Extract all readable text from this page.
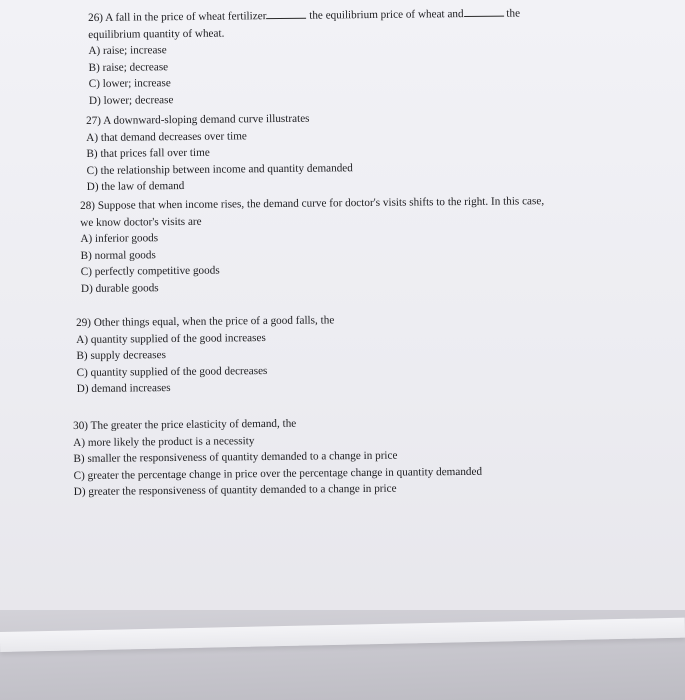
26) A fall in the price of wheat fertilizer	the equilibrium price of wheat and	the

equilibrium quantity of wheat.

A) raise; increase

B) raise; decrease

C) lower; increase

D) lower; decrease

27) A downward-sloping demand curve illustrates

A) that demand decreases over time

B) that prices fall over time

C) the relationship between income and quantity demanded

D) the law of demand

28) Suppose that when income rises, the demand curve for doctor's visits shifts to the right. In this case,

we know doctor's visits are

A) inferior goods

B) normal goods

C) perfectly competitive goods

D) durable goods

29) Other things equal, when the price of a good falls, the

A) quantity supplied of the good increases

B) supply decreases

C) quantity supplied of the good decreases

D) demand increases

30) The greater the price elasticity of demand, the

A) more likely the product is a necessity

B) smaller the responsiveness of quantity demanded to a change in price

C) greater the percentage change in price over the percentage change in quantity demanded

D) greater the responsiveness of quantity demanded to a change in price
